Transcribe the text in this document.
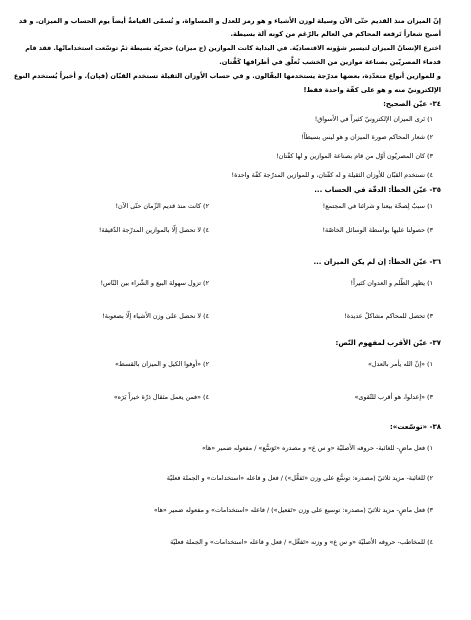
إنّ الميزان منذ القديم حتّى الآن وسيلة لوزن الأشياء و هو رمز للعدل و المساواة، و تُسمّى القيامةُ أيضاً يوم الحساب و الميزان. و قد
أصبح شعاراً تَرفعه المحاكم في العالم بالرّغم من كونه آلة بسيطة.
اخترع الإنسانُ الميزان لتيسير شؤونه الاقتصاديّة. في البداية كانت الموازين (ج ميزان) حجريّة بسيطة ثمّ توسّعت استخداماتُها. فقد قام
قدماء المصريّين بصناعة موازين من الخشب تُعلَّق في أطرافها كَفَّتان.
و للموازين أنواع متعدّدة، بعضها مدرّجة يستخدمها البقّالون. و في حساب الأوزان الثقيلة تستخدم القبّان (قپان). و أخيراً يُستخدم النوع
الإلكترونيّ منه و هو على كفّة واحدة فقط!
٣٤- عيّن الصحيح:
١) نَرى الميزان الإلكترونيّ كثيراً في الأسواق!
٢) شعار المحاكم صورة الميزان و هو ليس بسيطاً!
٣) كان المصريّون أوّل من قام بصناعة الموازين و لها كفّتان!
٤) نستخدم القبّان للأوزان الثقيلة و له كفّتان، و للموازين المدرّجة كفّة واحدة!
٣٥- عيّن الخطأ: الدقّة في الحساب ...
١) سببٌ لِصحّة بيعنا و شرائنا في المجتمع!
٢) كانت منذ قديم الزّمان حتّى الآن!
٣) حصولنا عليها بواسطة الوسائل الخاصّة!
٤) لا تحصل إلّا بالموازين المدرّجة الدّقيقة!
٣٦- عيّن الخطأ: إن لم يكن الميزان ...
١) يظهر الظّلم و العدوان كثيراً!
٢) تزول سهولة البيع و الشّراء بين النّاس!
٣) تحصل للمحاكم مشاكلُ عديدة!
٤) لا نحصل على وزن الأشياء إلّا بصعوبة!
٣٧- عيّن الأقرب لمفهوم النّص:
١) «إنّ الله يأمر بالعدل»
٢) «أوفوا الكيل و الميزان بالقسط»
٣) «إعدلوا، هو أقرب للتّقوى»
٤) «فمن يعمل مثقال ذرّة خيراً يَرَه»
٣٨- «توسّعت»:
١) فعل ماضٍ- للغائبة- حروفه الأصليّة «و س ع» و مصدره «تَوَسُّع» / مفعوله ضمير «ها»
٢) للغائبة- مزيد ثلاثيّ (مصدره: توسُّع على وزن «تَفعُّل») / فعل و فاعله «استخدامات» و الجملة فعليّة
٣) فعل ماضٍ- مزيد ثلاثيّ (مصدره: توسيع على وزن «تَفعيل») / فاعله «استخدامات» و مفعوله ضمير «ها»
٤) للمخاطب- حروفه الأصليّة «و س ع» و وزنه «تَفعَّل» / فعل و فاعله «استخدامات» و الجملة فعليّة
